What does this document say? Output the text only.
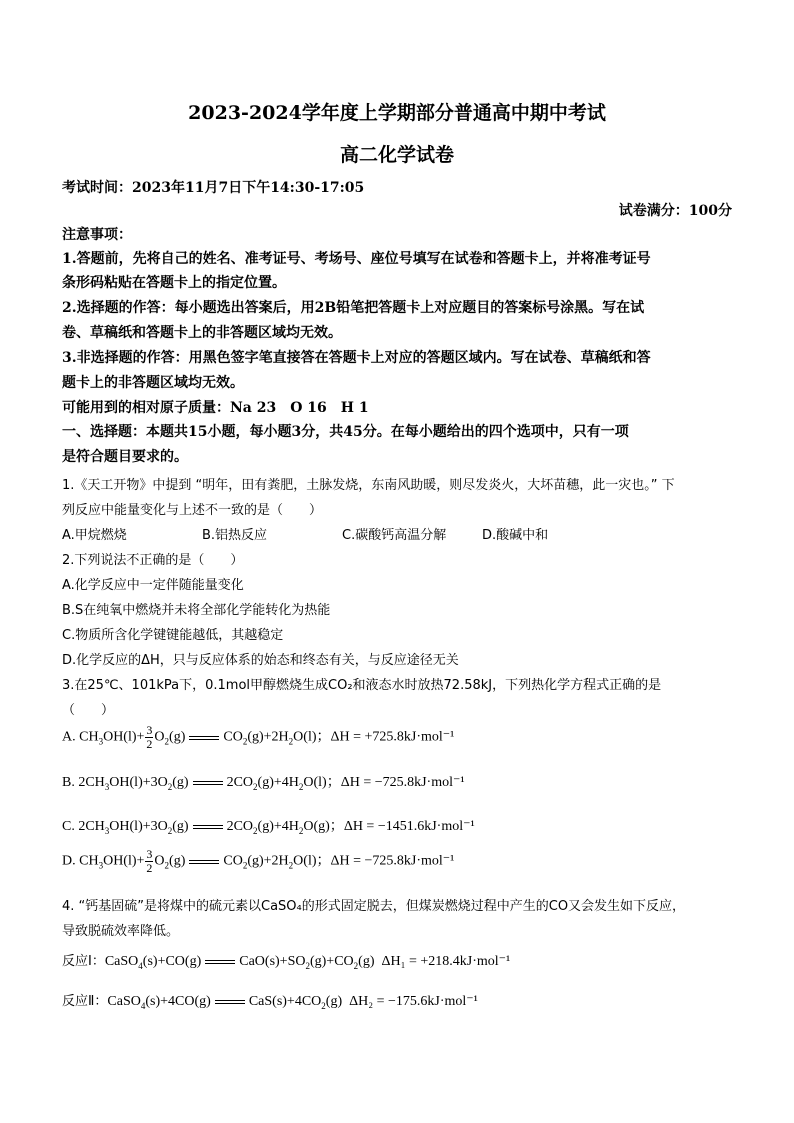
2023-2024学年度上学期部分普通高中期中考试
高二化学试卷
考试时间：2023年11月7日下午14:30-17:05
试卷满分：100分
注意事项：
1.答题前，先将自己的姓名、准考证号、考场号、座位号填写在试卷和答题卡上，并将准考证号
条形码粘贴在答题卡上的指定位置。
2.选择题的作答：每小题选出答案后，用2B铅笔把答题卡上对应题目的答案标号涂黑。写在试
卷、草稿纸和答题卡上的非答题区域均无效。
3.非选择题的作答：用黑色签字笔直接答在答题卡上对应的答题区域内。写在试卷、草稿纸和答
题卡上的非答题区域均无效。
可能用到的相对原子质量：Na 23　O 16　H 1
一、选择题：本题共15小题，每小题3分，共45分。在每小题给出的四个选项中，只有一项
是符合题目要求的。
1.《天工开物》中提到 “明年，田有粪肥，土脉发烧，东南风助暖，则尽发炎火，大坏苗穗，此一灾也。” 下
列反应中能量变化与上述不一致的是（　　）
A.甲烷燃烧	B.铝热反应	C.碳酸钙高温分解	D.酸碱中和
2.下列说法不正确的是（　　）
A.化学反应中一定伴随能量变化
B.S在纯氧中燃烧并未将全部化学能转化为热能
C.物质所含化学键键能越低，其越稳定
D.化学反应的ΔH，只与反应体系的始态和终态有关，与反应途径无关
3.在25℃、101kPa下，0.1mol甲醇燃烧生成CO₂和液态水时放热72.58kJ，下列热化学方程式正确的是
（　　）
A. $CH_3OH(l)+ \frac{3}{2} O_2(g)$	$CO_2(g)+2H_2O(l)$；ΔH = +725.8kJ·mol⁻¹
B. $2CH_3OH(l)+3O_2(g)$	$2CO_2(g)+4H_2O(l)$；ΔH = −725.8kJ·mol⁻¹
C. $2CH_3OH(l)+3O_2(g)$	$2CO_2(g)+4H_2O(g)$；ΔH = −1451.6kJ·mol⁻¹
D. $CH_3OH(l)+ \frac{3}{2} O_2(g)$	$CO_2(g)+2H_2O(l)$；ΔH = −725.8kJ·mol⁻¹
4. “钙基固硫”是将煤中的硫元素以CaSO₄的形式固定脱去，但煤炭燃烧过程中产生的CO又会发生如下反应，
导致脱硫效率降低。
反应Ⅰ：CaSO$_4$(s)+CO(g)	$CaO(s)+SO_2(g)+CO_2(g) \Delta H_1 = +218.4kJ\cdot mol^{-1}$
反应Ⅱ：CaSO$_4$(s)+4CO(g)	$CaS(s)+4CO_2(g) \Delta H_2 = -175.6kJ\cdot mol^{-1}$
